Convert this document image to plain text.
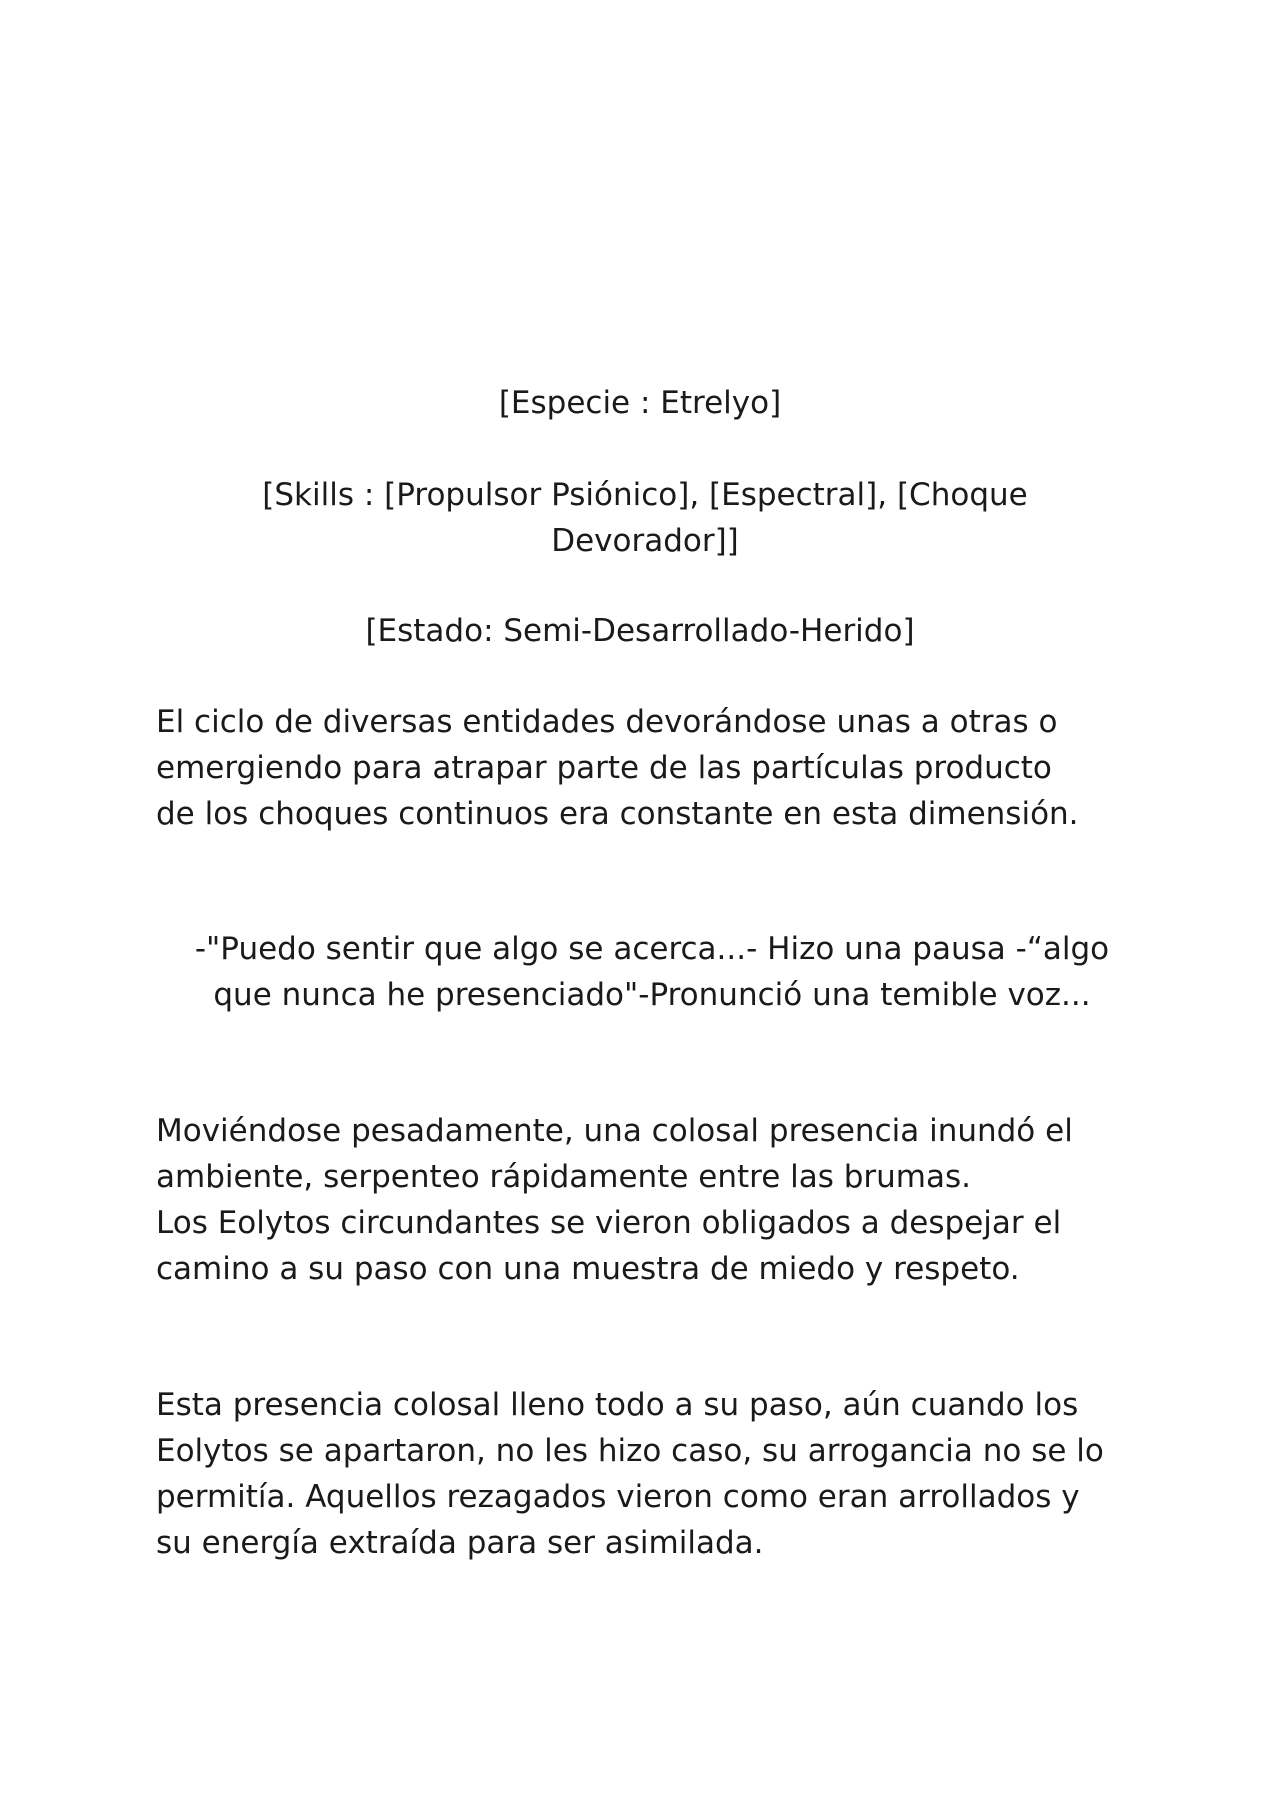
[Especie : Etrelyo]

[Skills : [Propulsor Psiónico], [Espectral], [Choque
Devorador]]

[Estado: Semi-Desarrollado-Herido]

El ciclo de diversas entidades devorándose unas a otras o
emergiendo para atrapar parte de las partículas producto
de los choques continuos era constante en esta dimensión.

-"Puedo sentir que algo se acerca...- Hizo una pausa -“algo
que nunca he presenciado"-Pronunció una temible voz...

Moviéndose pesadamente, una colosal presencia inundó el
ambiente, serpenteo rápidamente entre las brumas.
Los Eolytos circundantes se vieron obligados a despejar el
camino a su paso con una muestra de miedo y respeto.

Esta presencia colosal lleno todo a su paso, aún cuando los
Eolytos se apartaron, no les hizo caso, su arrogancia no se lo
permitía. Aquellos rezagados vieron como eran arrollados y
su energía extraída para ser asimilada.
